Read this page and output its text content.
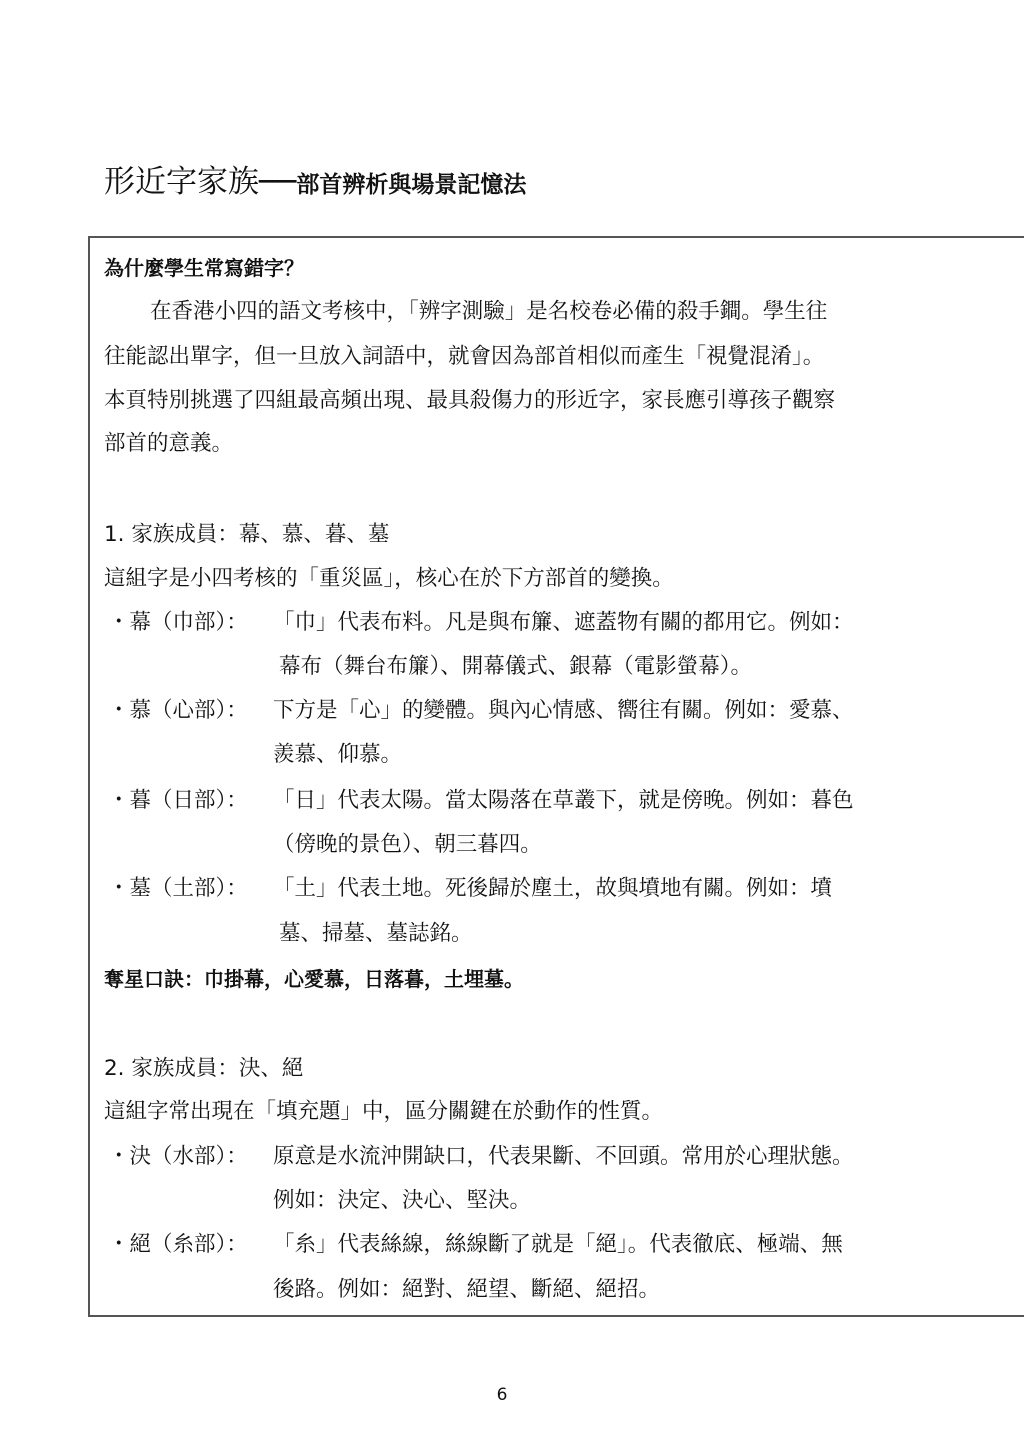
形近字家族──部首辨析與場景記憶法
為什麼學生常寫錯字？
在香港小四的語文考核中，「辨字測驗」是名校卷必備的殺手鐧。學生往
往能認出單字，但一旦放入詞語中，就會因為部首相似而產生「視覺混淆」。
本頁特別挑選了四組最高頻出現、最具殺傷力的形近字，家長應引導孩子觀察
部首的意義。
1. 家族成員：幕、慕、暮、墓
這組字是小四考核的「重災區」，核心在於下方部首的變換。
・幕（巾部）： 「巾」代表布料。凡是與布簾、遮蓋物有關的都用它。例如：
幕布（舞台布簾）、開幕儀式、銀幕（電影螢幕）。
・慕（心部）： 下方是「心」的變體。與內心情感、嚮往有關。例如：愛慕、
羨慕、仰慕。
・暮（日部）： 「日」代表太陽。當太陽落在草叢下，就是傍晚。例如：暮色
（傍晚的景色）、朝三暮四。
・墓（土部）： 「土」代表土地。死後歸於塵土，故與墳地有關。例如：墳
墓、掃墓、墓誌銘。
奪星口訣：巾掛幕，心愛慕，日落暮，土埋墓。
2. 家族成員：決、絕
這組字常出現在「填充題」中，區分關鍵在於動作的性質。
・決（水部）： 原意是水流沖開缺口，代表果斷、不回頭。常用於心理狀態。
例如：決定、決心、堅決。
・絕（糸部）： 「糸」代表絲線，絲線斷了就是「絕」。代表徹底、極端、無
後路。例如：絕對、絕望、斷絕、絕招。
6
